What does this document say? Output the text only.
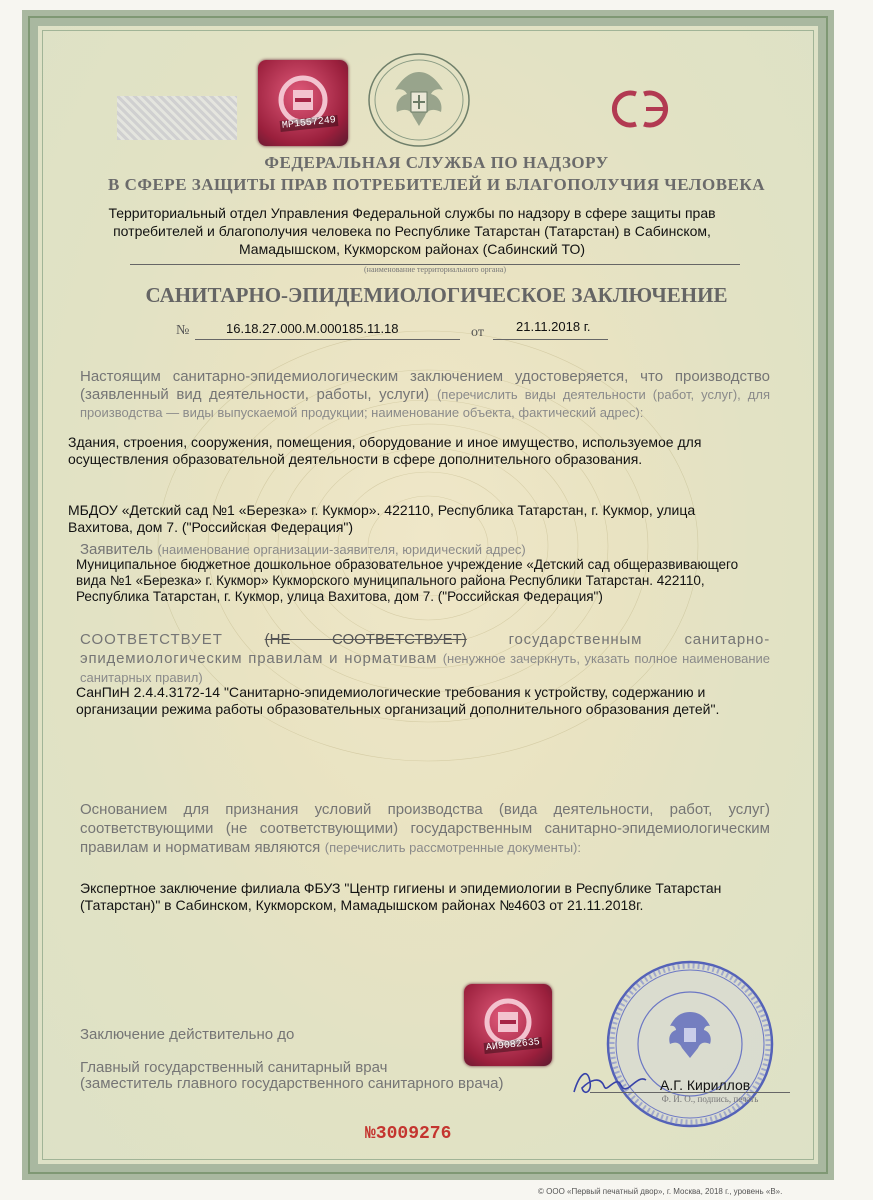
МР1557249
ФЕДЕРАЛЬНАЯ СЛУЖБА ПО НАДЗОРУ
В СФЕРЕ ЗАЩИТЫ ПРАВ ПОТРЕБИТЕЛЕЙ И БЛАГОПОЛУЧИЯ ЧЕЛОВЕКА
Территориальный отдел Управления Федеральной службы по надзору в сфере защиты прав потребителей и благополучия человека по Республике Татарстан (Татарстан) в Сабинском, Мамадышском, Кукморском районах (Сабинский ТО)
(наименование территориального органа)
САНИТАРНО-ЭПИДЕМИОЛОГИЧЕСКОЕ ЗАКЛЮЧЕНИЕ
№	16.18.27.000.М.000185.11.18	от 21.11.2018 г.
Настоящим санитарно-эпидемиологическим заключением удостоверяется, что производство (заявленный вид деятельности, работы, услуги) (перечислить виды деятельности (работ, услуг), для производства — виды выпускаемой продукции; наименование объекта, фактический адрес):
Здания, строения, сооружения, помещения, оборудование и иное имущество, используемое для осуществления образовательной деятельности в сфере дополнительного образования.
МБДОУ «Детский сад №1 «Березка» г. Кукмор». 422110, Республика Татарстан, г. Кукмор, улица Вахитова, дом 7. ("Российская Федерация")
Заявитель (наименование организации-заявителя, юридический адрес)
Муниципальное бюджетное дошкольное образовательное учреждение «Детский сад общеразвивающего вида №1 «Березка» г. Кукмор» Кукморского муниципального района Республики Татарстан. 422110, Республика Татарстан, г. Кукмор, улица Вахитова, дом 7. ("Российская Федерация")
СООТВЕТСТВУЕТ	(НЕ СООТВЕТСТВУЕТ)	государственным санитарно-эпидемиологическим правилам и нормативам (ненужное зачеркнуть, указать полное наименование санитарных правил)
СанПиН 2.4.4.3172-14 "Санитарно-эпидемиологические требования к устройству, содержанию и организации режима работы образовательных организаций дополнительного образования детей".
Основанием для признания условий производства (вида деятельности, работ, услуг) соответствующими (не соответствующими) государственным санитарно-эпидемиологическим правилам и нормативам являются (перечислить рассмотренные документы):
Экспертное заключение филиала ФБУЗ "Центр гигиены и эпидемиологии в Республике Татарстан (Татарстан)" в Сабинском, Кукморском, Мамадышском районах №4603 от 21.11.2018г.
АИ9082635
Заключение действительно до
Главный государственный санитарный врач
(заместитель главного государственного санитарного врача)	А.Г. Кириллов
Ф. И. О., подпись, печать
№3009276
© ООО «Первый печатный двор», г. Москва, 2018 г., уровень «В».
